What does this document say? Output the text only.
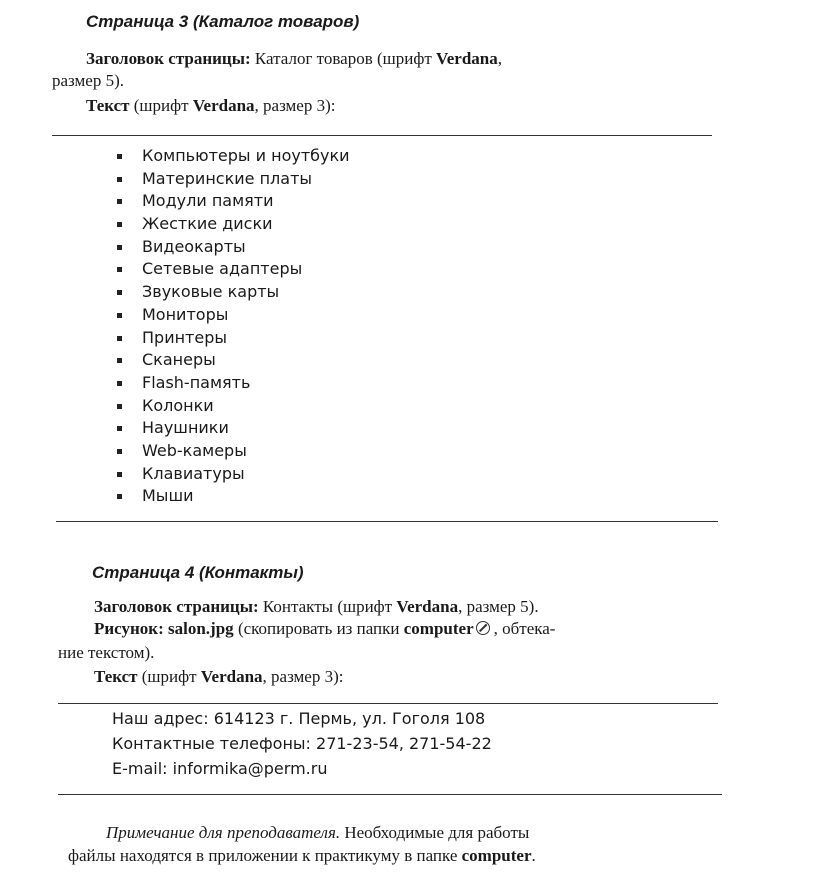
Страница 3 (Каталог товаров)
Заголовок страницы: Каталог товаров (шрифт Verdana,
размер 5).
Текст (шрифт Verdana, размер 3):
Компьютеры и ноутбуки
Материнские платы
Модули памяти
Жесткие диски
Видеокарты
Сетевые адаптеры
Звуковые карты
Мониторы
Принтеры
Сканеры
Flash-память
Колонки
Наушники
Web-камеры
Клавиатуры
Мыши
Страница 4 (Контакты)
Заголовок страницы: Контакты (шрифт Verdana, размер 5).
Рисунок: salon.jpg (скопировать из папки computer , обтека-
ние текстом).
Текст (шрифт Verdana, размер 3):
Наш адрес: 614123 г. Пермь, ул. Гоголя 108
Контактные телефоны: 271-23-54, 271-54-22
E-mail: informika@perm.ru
Примечание для преподавателя. Необходимые для работы
файлы находятся в приложении к практикуму в папке computer.
